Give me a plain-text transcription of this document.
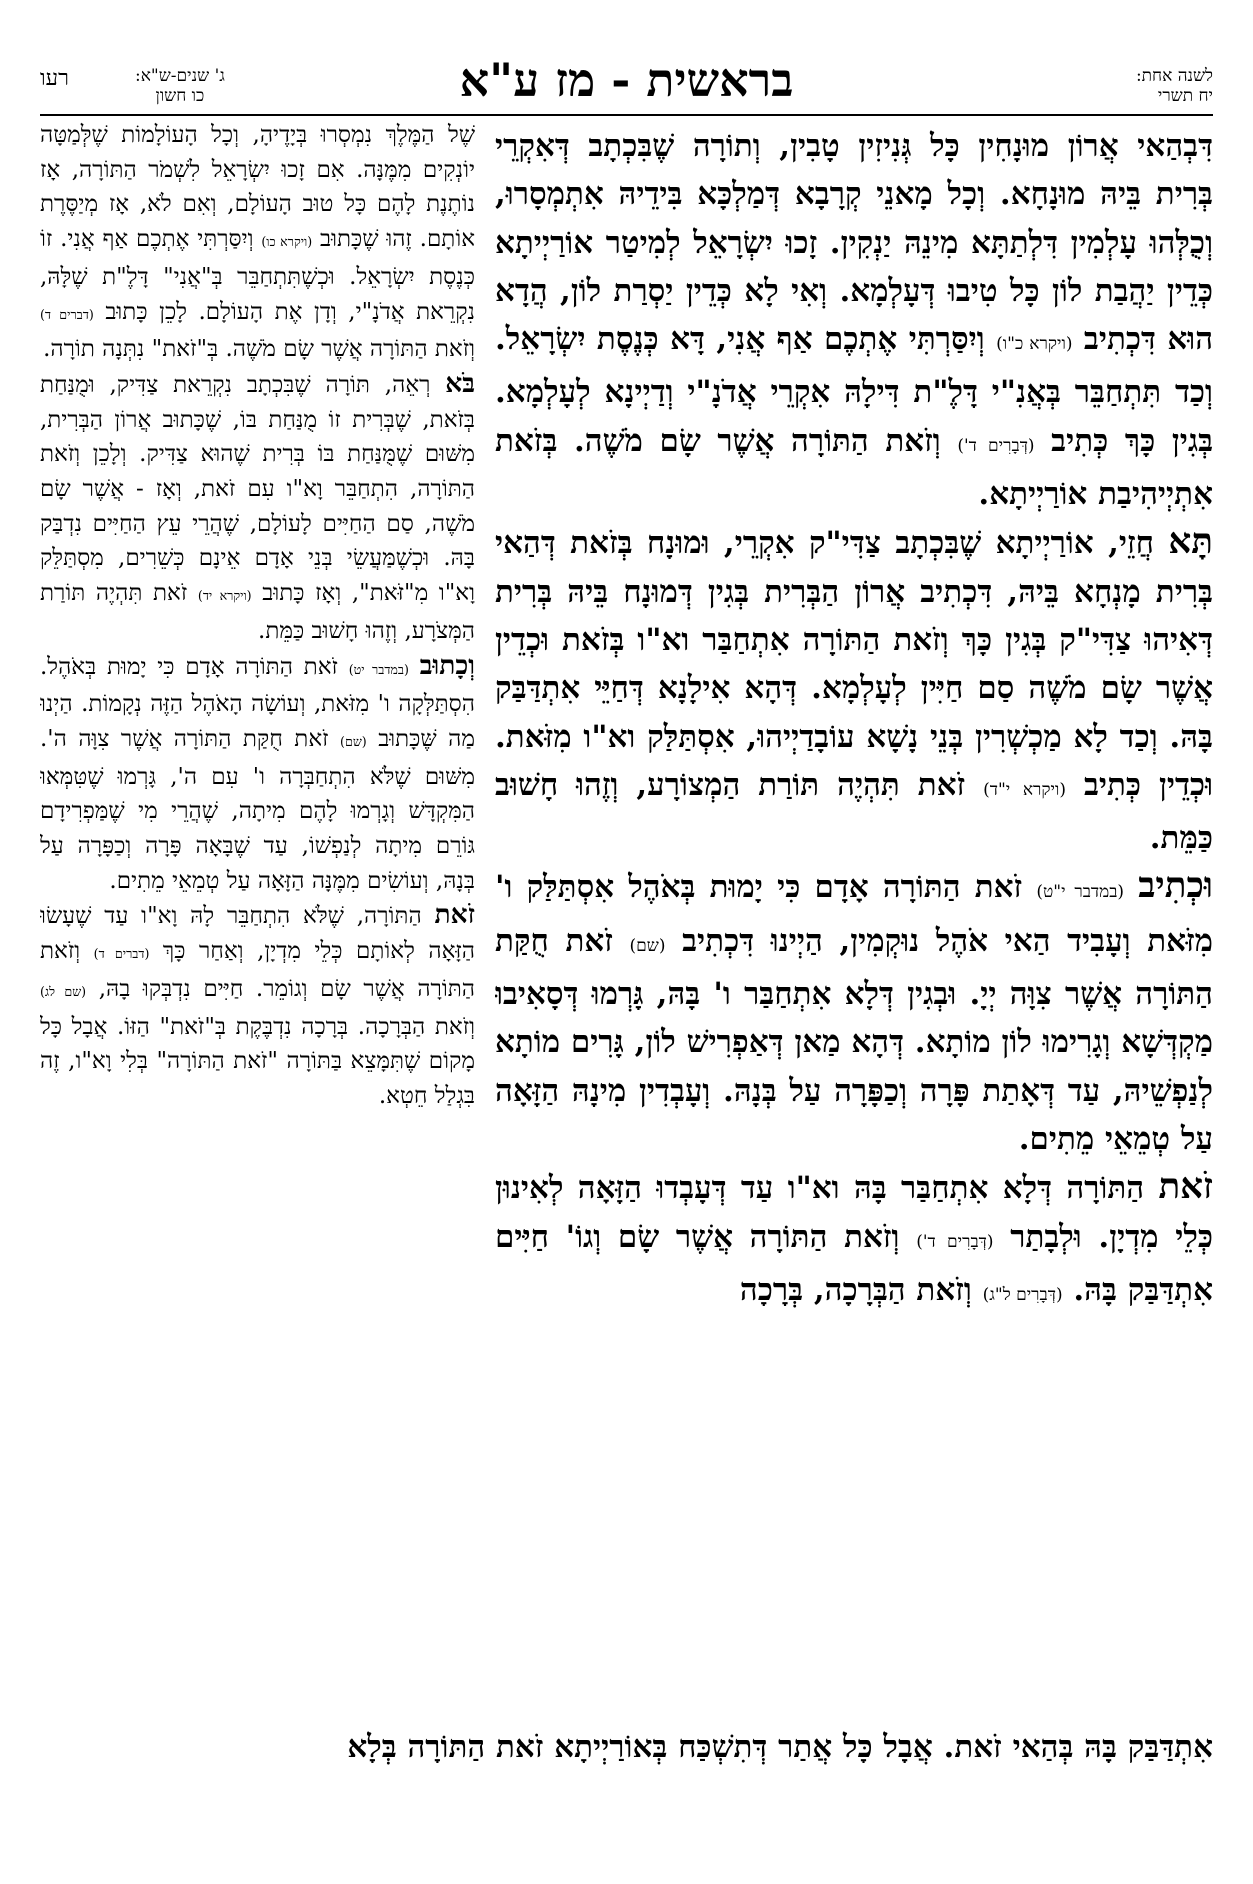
לשנה אחת:
יח תשרי
בראשית - מז ע"א
ג' שנים-ש"א:
כו חשון
רעו

דִּבְהַאי אֲרוֹן מוּנָחִין כָּל גְּנִיזִין טָבִין, וְתוֹרָה שֶׁבִּכְתָב דְּאִקְרֵי בְּרִית בֵּיהּ מוּנָחָא. וְכָל מָאנֵי קְרָבָא דְּמַלְכָּא בִּידֵיהּ אִתְמְסָרוּ, וְכֻלְּהוּ עָלְמִין דִּלְתַתָּא מִינֵהּ יַנְקִין. זָכוּ יִשְׂרָאֵל לְמִיטַר אוֹרַיְיתָא כְּדֵין יַהֲבַת לוֹן כָּל טִיבוּ דְּעָלְמָא. וְאִי לָא כְּדֵין יַסְרַת לוֹן, הֲדָא הוּא דִּכְתִיב (ויקרא כ"ו) וְיִסַּרְתִּי אֶתְכֶם אַף אֲנִי, דָּא כְּנֶסֶת יִשְׂרָאֵל. וְכַד תִּתְחַבֵּר בְּאֲנִ"י דָּלֶ"ת דִּילָהּ אִקְרֵי אֲדֹנָ"י וְדַיְינָא לְעָלְמָא. בְּגִין כָּךְ כְּתִיב (דְּבָרִים ד') וְזֹאת הַתּוֹרָה אֲשֶׁר שָׂם מֹשֶׁה. בְּזֹאת אִתְיְיהִיבַת אוֹרַיְיתָא.

תָּא חֲזֵי, אוֹרַיְיתָא שֶׁבִּכְתָב צַדִּי"ק אִקְרֵי, וּמוּנָח בְּזֹאת דְּהַאי בְּרִית מָנְחָא בֵּיהּ, דִּכְתִיב אֲרוֹן הַבְּרִית בְּגִין דְּמוּנָח בֵּיהּ בְּרִית דְּאִיהוּ צַדִּי"ק בְּגִין כָּךְ וְזֹאת הַתּוֹרָה אִתְחַבַּר וא"ו בְּזֹאת וּכְדֵין אֲשֶׁר שָׂם מֹשֶׁה סַם חַיִּין לְעָלְמָא. דְּהָא אִילָנָא דְּחַיֵּי אִתְדַּבַּק בָּהּ. וְכַד לָא מַכְשְׁרִין בְּנֵי נָשָׁא עוֹבָדַיְיהוּ, אִסְתַּלַּק וא"ו מִזֹּאת. וּכְדֵין כְּתִיב (ויקרא י"ד) זֹאת תִּהְיֶה תּוֹרַת הַמְצוֹרָע, וְזֶהוּ חָשׁוּב כַּמֵּת.

וּכְתִיב (במדבר י"ט) זֹאת הַתּוֹרָה אָדָם כִּי יָמוּת בְּאֹהֶל אִסְתַּלַּק ו' מִזֹּאת וְעָבִיד הַאי אֹהֶל נוּקְמִין, הַיְינוּ דִּכְתִיב (שם) זֹאת חֻקַּת הַתּוֹרָה אֲשֶׁר צִוָּה יְיָ. וּבְגִין דְּלָא אִתְחַבַּר ו' בָּהּ, גָּרְמוּ דְּסָאִיבוּ מַקְדְּשָׁא וְגָרִימוּ לוֹן מוֹתָא. דְּהָא מַאן דְּאַפְרִישׁ לוֹן, גָּרִים מוֹתָא לְנַפְשֵׁיהּ, עַד דְּאָתַת פָּרָה וְכַפָּרָה עַל בְּנָהּ. וְעָבְדִין מִינָהּ הַזָּאָה עַל טְמֵאֵי מֵתִים.

זֹאת הַתּוֹרָה דְּלָא אִתְחַבַּר בָּהּ וא"ו עַד דְּעָבְדוּ הַזָּאָה לְאִינוּן כְּלֵי מִדְיָן. וּלְבָתַר (דְּבָרִים ד') וְזֹאת הַתּוֹרָה אֲשֶׁר שָׂם וְגוֹ' חַיִּים אִתְדַּבַּק בָּהּ. (דְּבָרִים ל"ג) וְזֹאת הַבְּרָכָה, בְּרָכָה

שֶׁל הַמֶּלֶךְ נִמְסְרוּ בְּיָדֶיהָ, וְכָל הָעוֹלָמוֹת שֶׁלְּמַטָּה יוֹנְקִים מִמֶּנָּה. אִם זָכוּ יִשְׂרָאֵל לִשְׁמֹר הַתּוֹרָה, אָז נוֹתֶנֶת לָהֶם כָּל טוּב הָעוֹלָם, וְאִם לֹא, אָז מְיַסֶּרֶת אוֹתָם. זֶהוּ שֶׁכָּתוּב (ויקרא כו) וְיִסַּרְתִּי אֶתְכֶם אַף אֲנִי. זוֹ כְּנֶסֶת יִשְׂרָאֵל. וּכְשֶׁתִּתְחַבֵּר בְּ"אֲנִי" דָּלֶ"ת שֶׁלָּהּ, נִקְרֵאת אֲדֹנָ"י, וְדָן אֶת הָעוֹלָם. לָכֵן כָּתוּב (דברים ד) וְזֹאת הַתּוֹרָה אֲשֶׁר שָׂם מֹשֶׁה. בְּ"זֹאת" נִתְּנָה תוֹרָה.

בֹּא רְאֵה, תּוֹרָה שֶׁבִּכְתָב נִקְרֵאת צַדִּיק, וּמֻנַּחַת בְּזֹאת, שֶׁבְּרִית זוֹ מֻנַּחַת בּוֹ, שֶׁכָּתוּב אֲרוֹן הַבְּרִית, מִשּׁוּם שֶׁמֻּנַּחַת בּוֹ בְּרִית שֶׁהוּא צַדִּיק. וְלָכֵן וְזֹאת הַתּוֹרָה, הִתְחַבֵּר וָא"ו עִם זֹאת, וְאָז - אֲשֶׁר שָׂם מֹשֶׁה, סַם הַחַיִּים לָעוֹלָם, שֶׁהֲרֵי עֵץ הַחַיִּים נִדְבַּק בָּהּ. וּכְשֶׁמַּעֲשֵׂי בְּנֵי אָדָם אֵינָם כְּשֵׁרִים, מִסְתַּלֵּק וָא"ו מִ"זֹּאת", וְאָז כָּתוּב (ויקרא יד) זֹאת תִּהְיֶה תּוֹרַת הַמְּצֹרָע, וְזֶהוּ חָשׁוּב כַּמֵּת.

וְכָתוּב (במדבר יט) זֹאת הַתּוֹרָה אָדָם כִּי יָמוּת בְּאֹהֶל. הִסְתַּלְּקָה ו' מִזֹּאת, וְעוֹשָׂה הָאֹהֶל הַזֶּה נְקָמוֹת. הַיְנוּ מַה שֶּׁכָּתוּב (שם) זֹאת חֻקַּת הַתּוֹרָה אֲשֶׁר צִוָּה ה'. מִשּׁוּם שֶׁלֹּא הִתְחַבְּרָה ו' עִם ה', גָּרְמוּ שֶׁטִּמְּאוּ הַמִּקְדָּשׁ וְגָרְמוּ לָהֶם מִיתָה, שֶׁהֲרֵי מִי שֶׁמַּפְרִידָם גּוֹרֵם מִיתָה לְנַפְשׁוֹ, עַד שֶׁבָּאָה פָּרָה וְכַפָּרָה עַל בְּנָהּ, וְעוֹשִׂים מִמֶּנָּה הַזָּאָה עַל טְמֵאֵי מֵתִים.

זֹאת הַתּוֹרָה, שֶׁלֹּא הִתְחַבֵּר לָהּ וָא"ו עַד שֶׁעָשׂוּ הַזָּאָה לְאוֹתָם כְּלֵי מִדְיָן, וְאַחַר כָּךְ (דברים ד) וְזֹאת הַתּוֹרָה אֲשֶׁר שָׂם וְגוֹמֵר. חַיִּים נִדְבְּקוּ בָהּ, (שם לג) וְזֹאת הַבְּרָכָה. בְּרָכָה נִדְבֶּקֶת בְּ"זֹאת" הַזּוֹ. אֲבָל כָּל מָקוֹם שֶׁתִּמָּצֵא בַּתּוֹרָה "זֹאת הַתּוֹרָה" בְּלִי וָא"ו, זֶה בִּגְלַל חֵטְא.

אִתְדַּבַּק בָּהּ בְּהַאי זֹאת. אֲבָל כָּל אֲתַר דְּתִשְׁכַּח בְּאוֹרַיְיתָא זֹאת הַתּוֹרָה בְּלָא
